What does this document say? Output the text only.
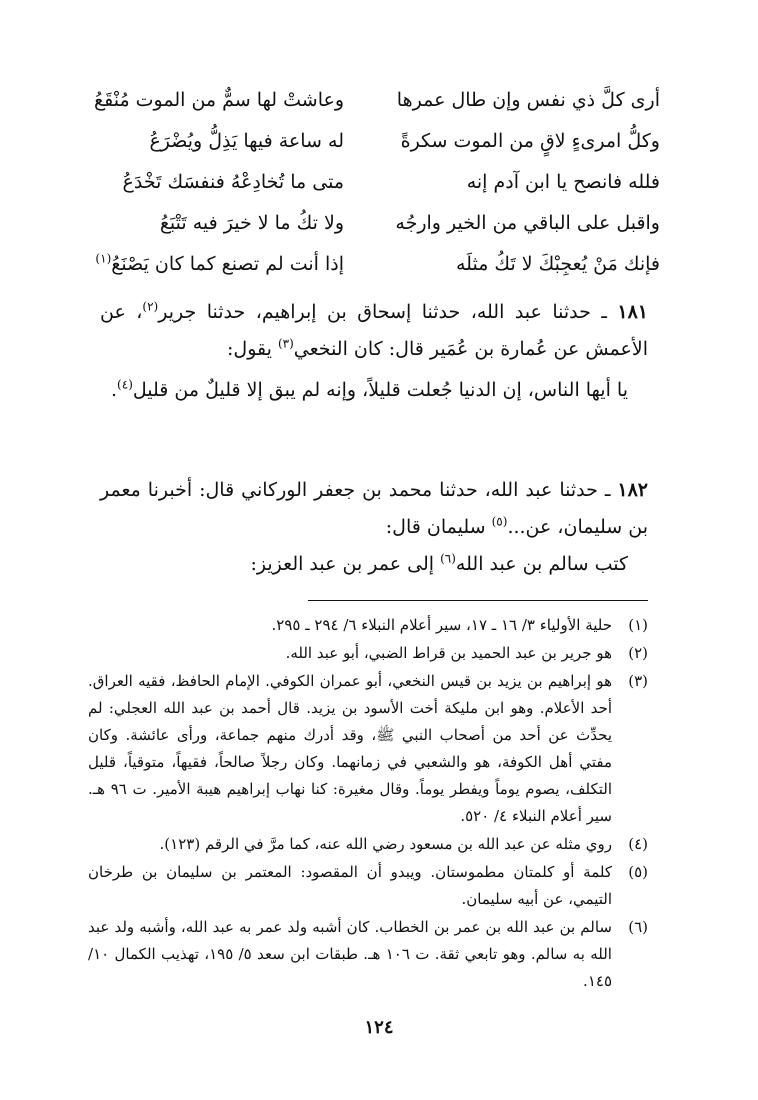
أرى كلَّ ذي نفس وإن طال عمرها
وعاشتْ لها سمٌّ من الموت مُنْقَعُ
وكلُّ امرىءٍ لاقٍ من الموت سكرةً
له ساعة فيها يَذِلُّ ويُضْرَعُ
فلله فانصح يا ابن آدم إنه
متى ما تُخادِعْهُ فنفسَك تَخْدَعُ
واقبل على الباقي من الخير وارجُه
ولا تكُ ما لا خيرَ فيه تَتْبَعُ
فإنك مَنْ يُعجِبْكَ لا تَكُ مثلَه
إذا أنت لم تصنع كما كان يَصْنَعُ$^{(١)}$

١٨١ ـ حدثنا عبد الله، حدثنا إسحاق بن إبراهيم، حدثنا جرير$^{(٢)}$، عن الأعمش عن عُمارة بن عُمَير قال: كان النخعي$^{(٣)}$ يقول:

يا أيها الناس، إن الدنيا جُعلت قليلاً، وإنه لم يبق إلا قليلٌ من قليل$^{(٤)}$.

١٨٢ ـ حدثنا عبد الله، حدثنا محمد بن جعفر الوركاني قال: أخبرنا معمر بن سليمان، عن...$^{(٥)}$ سليمان قال:

كتب سالم بن عبد الله$^{(٦)}$ إلى عمر بن عبد العزيز:

(١)
حلية الأولياء ٣/ ١٦ ـ ١٧، سير أعلام النبلاء ٦/ ٢٩٤ ـ ٢٩٥.
(٢)
هو جرير بن عبد الحميد بن قراط الضبي، أبو عبد الله.
(٣)
هو إبراهيم بن يزيد بن قيس النخعي، أبو عمران الكوفي. الإمام الحافظ، فقيه العراق. أحد الأعلام. وهو ابن مليكة أخت الأسود بن يزيد. قال أحمد بن عبد الله العجلي: لم يحدِّث عن أحد من أصحاب النبي ﷺ، وقد أدرك منهم جماعة، ورأى عائشة. وكان مفتي أهل الكوفة، هو والشعبي في زمانهما. وكان رجلاً صالحاً، فقيهاً، متوقياً، قليل التكلف، يصوم يوماً ويفطر يوماً. وقال مغيرة: كنا نهاب إبراهيم هيبة الأمير. ت ٩٦ هـ. سير أعلام النبلاء ٤/ ٥٢٠.
(٤)
روي مثله عن عبد الله بن مسعود رضي الله عنه، كما مرَّ في الرقم (١٢٣).
(٥)
كلمة أو كلمتان مطموستان. ويبدو أن المقصود: المعتمر بن سليمان بن طرخان التيمي، عن أبيه سليمان.
(٦)
سالم بن عبد الله بن عمر بن الخطاب. كان أشبه ولد عمر به عبد الله، وأشبه ولد عبد الله به سالم. وهو تابعي ثقة. ت ١٠٦ هـ. طبقات ابن سعد ٥/ ١٩٥، تهذيب الكمال ١٠/ ١٤٥.
١٢٤
